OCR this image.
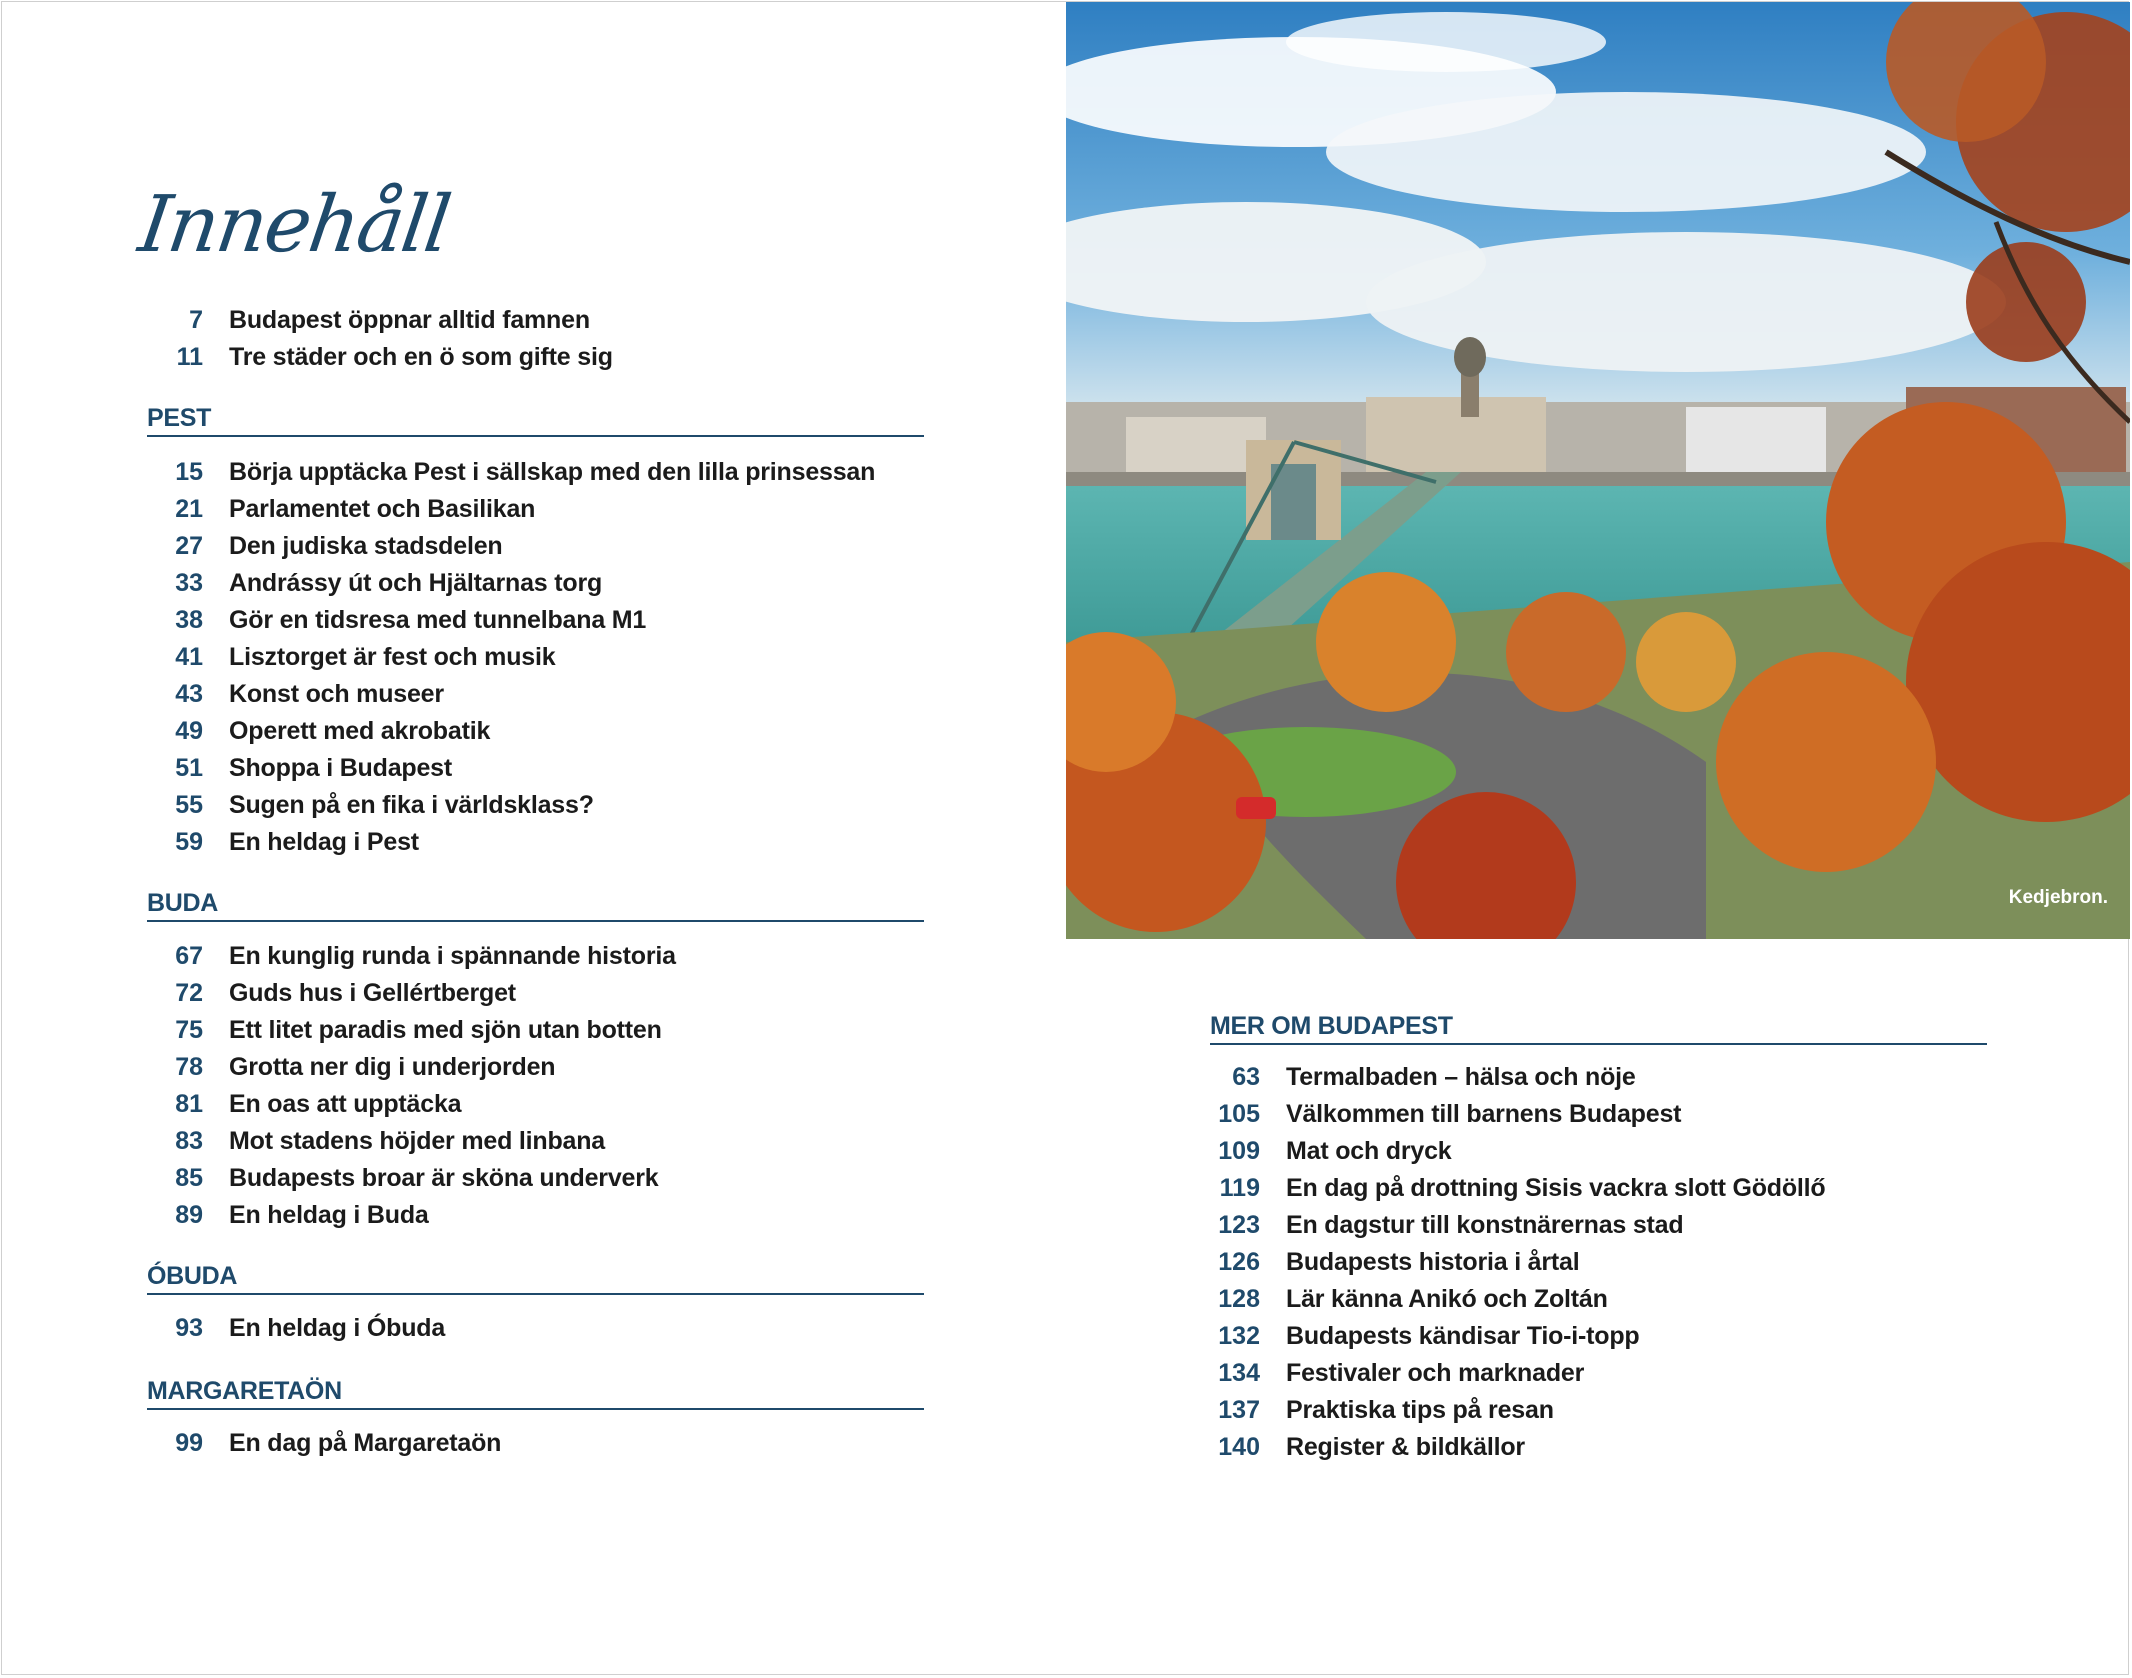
Innehåll
7 Budapest öppnar alltid famnen
11 Tre städer och en ö som gifte sig
PEST
15 Börja upptäcka Pest i sällskap med den lilla prinsessan
21 Parlamentet och Basilikan
27 Den judiska stadsdelen
33 Andrássy út och Hjältarnas torg
38 Gör en tidsresa med tunnelbana M1
41 Lisztorget är fest och musik
43 Konst och museer
49 Operett med akrobatik
51 Shoppa i Budapest
55 Sugen på en fika i världsklass?
59 En heldag i Pest
BUDA
67 En kunglig runda i spännande historia
72 Guds hus i Gellértberget
75 Ett litet paradis med sjön utan botten
78 Grotta ner dig i underjorden
81 En oas att upptäcka
83 Mot stadens höjder med linbana
85 Budapests broar är sköna underverk
89 En heldag i Buda
ÓBUDA
93 En heldag i Óbuda
MARGARETAÖN
99 En dag på Margaretaön
Kedjebron.
MER OM BUDAPEST
63 Termalbaden – hälsa och nöje
105 Välkommen till barnens Budapest
109 Mat och dryck
119 En dag på drottning Sisis vackra slott Gödöllő
123 En dagstur till konstnärernas stad
126 Budapests historia i årtal
128 Lär känna Anikó och Zoltán
132 Budapests kändisar Tio-i-topp
134 Festivaler och marknader
137 Praktiska tips på resan
140 Register & bildkällor
